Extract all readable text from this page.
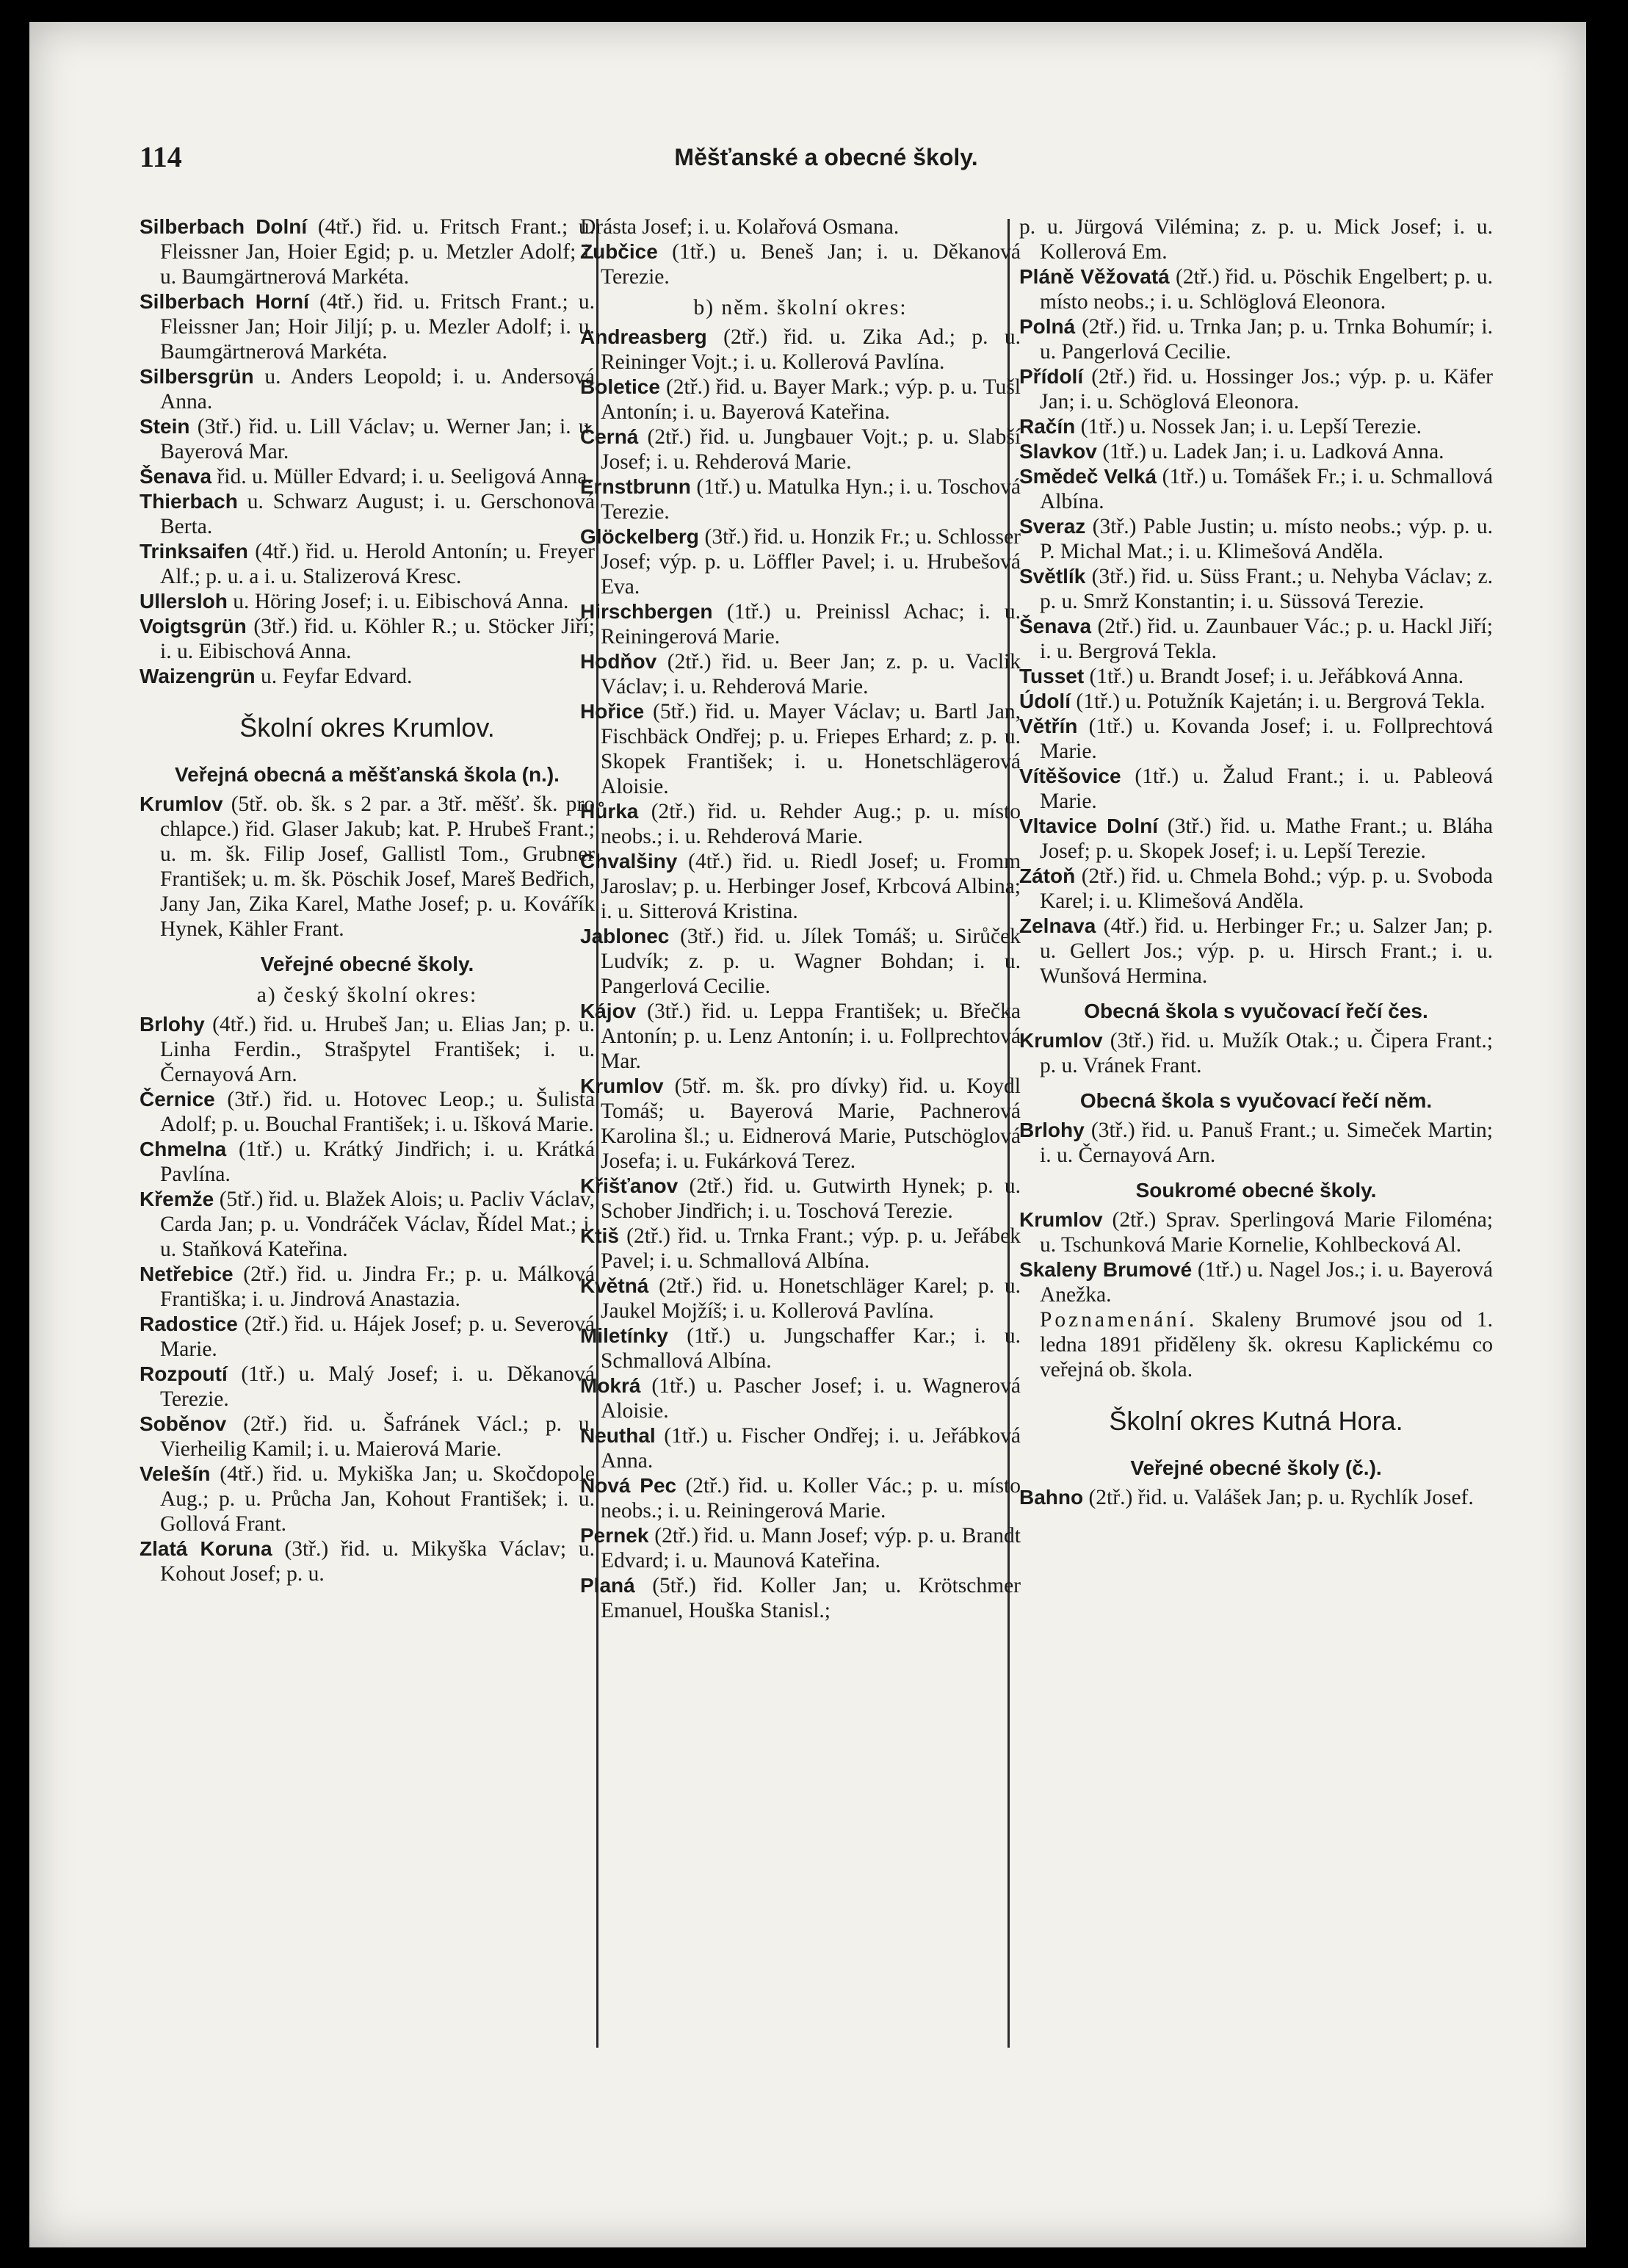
114	Měšťanské a obecné školy.

Silberbach Dolní (4tř.) řid. u. Fritsch Frant.; u. Fleissner Jan, Hoier Egid; p. u. Metzler Adolf; i. u. Baumgärtnerová Markéta.

Silberbach Horní (4tř.) řid. u. Fritsch Frant.; u. Fleissner Jan; Hoir Jiljí; p. u. Mezler Adolf; i. u. Baumgärtnerová Markéta.

Silbersgrün u. Anders Leopold; i. u. Andersová Anna.

Stein (3tř.) řid. u. Lill Václav; u. Werner Jan; i. u. Bayerová Mar.

Šenava řid. u. Müller Edvard; i. u. Seeligová Anna.

Thierbach u. Schwarz August; i. u. Gerschonová Berta.

Trinksaifen (4tř.) řid. u. Herold Antonín; u. Freyer Alf.; p. u. a i. u. Stalizerová Kresc.

Ullersloh u. Höring Josef; i. u. Eibischová Anna.

Voigtsgrün (3tř.) řid. u. Köhler R.; u. Stöcker Jiří; i. u. Eibischová Anna.

Waizengrün u. Feyfar Edvard.

Školní okres Krumlov.
Veřejná obecná a měšťanská škola (n.).

Krumlov (5tř. ob. šk. s 2 par. a 3tř. měšť. šk. pro chlapce.) řid. Glaser Jakub; kat. P. Hrubeš Frant.; u. m. šk. Filip Josef, Gallistl Tom., Grubner František; u. m. šk. Pöschik Josef, Mareš Bedřich, Jany Jan, Zika Karel, Mathe Josef; p. u. Kovářík Hynek, Kähler Frant.

Veřejné obecné školy.
a) český školní okres:

Brlohy (4tř.) řid. u. Hrubeš Jan; u. Elias Jan; p. u. Linha Ferdin., Strašpytel František; i. u. Černayová Arn.

Černice (3tř.) řid. u. Hotovec Leop.; u. Šulista Adolf; p. u. Bouchal František; i. u. Išková Marie.

Chmelna (1tř.) u. Krátký Jindřich; i. u. Krátká Pavlína.

Křemže (5tř.) řid. u. Blažek Alois; u. Pacliv Václav, Carda Jan; p. u. Vondráček Václav, Řídel Mat.; i. u. Staňková Kateřina.

Netřebice (2tř.) řid. u. Jindra Fr.; p. u. Málková Františka; i. u. Jindrová Anastazia.

Radostice (2tř.) řid. u. Hájek Josef; p. u. Severová Marie.

Rozpoutí (1tř.) u. Malý Josef; i. u. Děkanová Terezie.

Soběnov (2tř.) řid. u. Šafránek Václ.; p. u. Vierheilig Kamil; i. u. Maierová Marie.

Velešín (4tř.) řid. u. Mykiška Jan; u. Skočdopole Aug.; p. u. Průcha Jan, Kohout František; i. u. Gollová Frant.

Zlatá Koruna (3tř.) řid. u. Mikyška Václav; u. Kohout Josef; p. u.

Drásta Josef; i. u. Kolařová Osmana.

Zubčice (1tř.) u. Beneš Jan; i. u. Děkanová Terezie.

b) něm. školní okres:

Andreasberg (2tř.) řid. u. Zika Ad.; p. u. Reininger Vojt.; i. u. Kollerová Pavlína.

Boletice (2tř.) řid. u. Bayer Mark.; výp. p. u. Tušl Antonín; i. u. Bayerová Kateřina.

Černá (2tř.) řid. u. Jungbauer Vojt.; p. u. Slabší Josef; i. u. Rehderová Marie.

Ernstbrunn (1tř.) u. Matulka Hyn.; i. u. Toschová Terezie.

Glöckelberg (3tř.) řid. u. Honzik Fr.; u. Schlosser Josef; výp. p. u. Löffler Pavel; i. u. Hrubešová Eva.

Hirschbergen (1tř.) u. Preinissl Achac; i. u. Reiningerová Marie.

Hodňov (2tř.) řid. u. Beer Jan; z. p. u. Vaclik Václav; i. u. Rehderová Marie.

Hořice (5tř.) řid. u. Mayer Václav; u. Bartl Jan, Fischbäck Ondřej; p. u. Friepes Erhard; z. p. u. Skopek František; i. u. Honetschlägerová Aloisie.

Hůrka (2tř.) řid. u. Rehder Aug.; p. u. místo neobs.; i. u. Rehderová Marie.

Chvalšiny (4tř.) řid. u. Riedl Josef; u. Fromm Jaroslav; p. u. Herbinger Josef, Krbcová Albina; i. u. Sitterová Kristina.

Jablonec (3tř.) řid. u. Jílek Tomáš; u. Sirůček Ludvík; z. p. u. Wagner Bohdan; i. u. Pangerlová Cecilie.

Kájov (3tř.) řid. u. Leppa František; u. Břečka Antonín; p. u. Lenz Antonín; i. u. Follprechtová Mar.

Krumlov (5tř. m. šk. pro dívky) řid. u. Koydl Tomáš; u. Bayerová Marie, Pachnerová Karolina šl.; u. Eidnerová Marie, Putschöglová Josefa; i. u. Fukárková Terez.

Křišťanov (2tř.) řid. u. Gutwirth Hynek; p. u. Schober Jindřich; i. u. Toschová Terezie.

Ktiš (2tř.) řid. u. Trnka Frant.; výp. p. u. Jeřábek Pavel; i. u. Schmallová Albína.

Květná (2tř.) řid. u. Honetschläger Karel; p. u. Jaukel Mojžíš; i. u. Kollerová Pavlína.

Miletínky (1tř.) u. Jungschaffer Kar.; i. u. Schmallová Albína.

Mokrá (1tř.) u. Pascher Josef; i. u. Wagnerová Aloisie.

Neuthal (1tř.) u. Fischer Ondřej; i. u. Jeřábková Anna.

Nová Pec (2tř.) řid. u. Koller Vác.; p. u. místo neobs.; i. u. Reiningerová Marie.

Pernek (2tř.) řid. u. Mann Josef; výp. p. u. Brandt Edvard; i. u. Maunová Kateřina.

Planá (5tř.) řid. Koller Jan; u. Krötschmer Emanuel, Houška Stanisl.;

p. u. Jürgová Vilémina; z. p. u. Mick Josef; i. u. Kollerová Em.

Pláně Věžovatá (2tř.) řid. u. Pöschik Engelbert; p. u. místo neobs.; i. u. Schlöglová Eleonora.

Polná (2tř.) řid. u. Trnka Jan; p. u. Trnka Bohumír; i. u. Pangerlová Cecilie.

Přídolí (2tř.) řid. u. Hossinger Jos.; výp. p. u. Käfer Jan; i. u. Schöglová Eleonora.

Račín (1tř.) u. Nossek Jan; i. u. Lepší Terezie.

Slavkov (1tř.) u. Ladek Jan; i. u. Ladková Anna.

Smědeč Velká (1tř.) u. Tomášek Fr.; i. u. Schmallová Albína.

Sveraz (3tř.) Pable Justin; u. místo neobs.; výp. p. u. P. Michal Mat.; i. u. Klimešová Anděla.

Světlík (3tř.) řid. u. Süss Frant.; u. Nehyba Václav; z. p. u. Smrž Konstantin; i. u. Süssová Terezie.

Šenava (2tř.) řid. u. Zaunbauer Vác.; p. u. Hackl Jiří; i. u. Bergrová Tekla.

Tusset (1tř.) u. Brandt Josef; i. u. Jeřábková Anna.

Údolí (1tř.) u. Potužník Kajetán; i. u. Bergrová Tekla.

Větřín (1tř.) u. Kovanda Josef; i. u. Follprechtová Marie.

Vítěšovice (1tř.) u. Žalud Frant.; i. u. Pableová Marie.

Vltavice Dolní (3tř.) řid. u. Mathe Frant.; u. Bláha Josef; p. u. Skopek Josef; i. u. Lepší Terezie.

Zátoň (2tř.) řid. u. Chmela Bohd.; výp. p. u. Svoboda Karel; i. u. Klimešová Anděla.

Zelnava (4tř.) řid. u. Herbinger Fr.; u. Salzer Jan; p. u. Gellert Jos.; výp. p. u. Hirsch Frant.; i. u. Wunšová Hermina.

Obecná škola s vyučovací řečí čes.

Krumlov (3tř.) řid. u. Mužík Otak.; u. Čipera Frant.; p. u. Vránek Frant.

Obecná škola s vyučovací řečí něm.

Brlohy (3tř.) řid. u. Panuš Frant.; u. Simeček Martin; i. u. Černayová Arn.

Soukromé obecné školy.

Krumlov (2tř.) Sprav. Sperlingová Marie Filoména; u. Tschunková Marie Kornelie, Kohlbecková Al.

Skaleny Brumové (1tř.) u. Nagel Jos.; i. u. Bayerová Anežka.

Poznamenání. Skaleny Brumové jsou od 1. ledna 1891 přiděleny šk. okresu Kaplickému co veřejná ob. škola.

Školní okres Kutná Hora.
Veřejné obecné školy (č.).

Bahno (2tř.) řid. u. Valášek Jan; p. u. Rychlík Josef.
